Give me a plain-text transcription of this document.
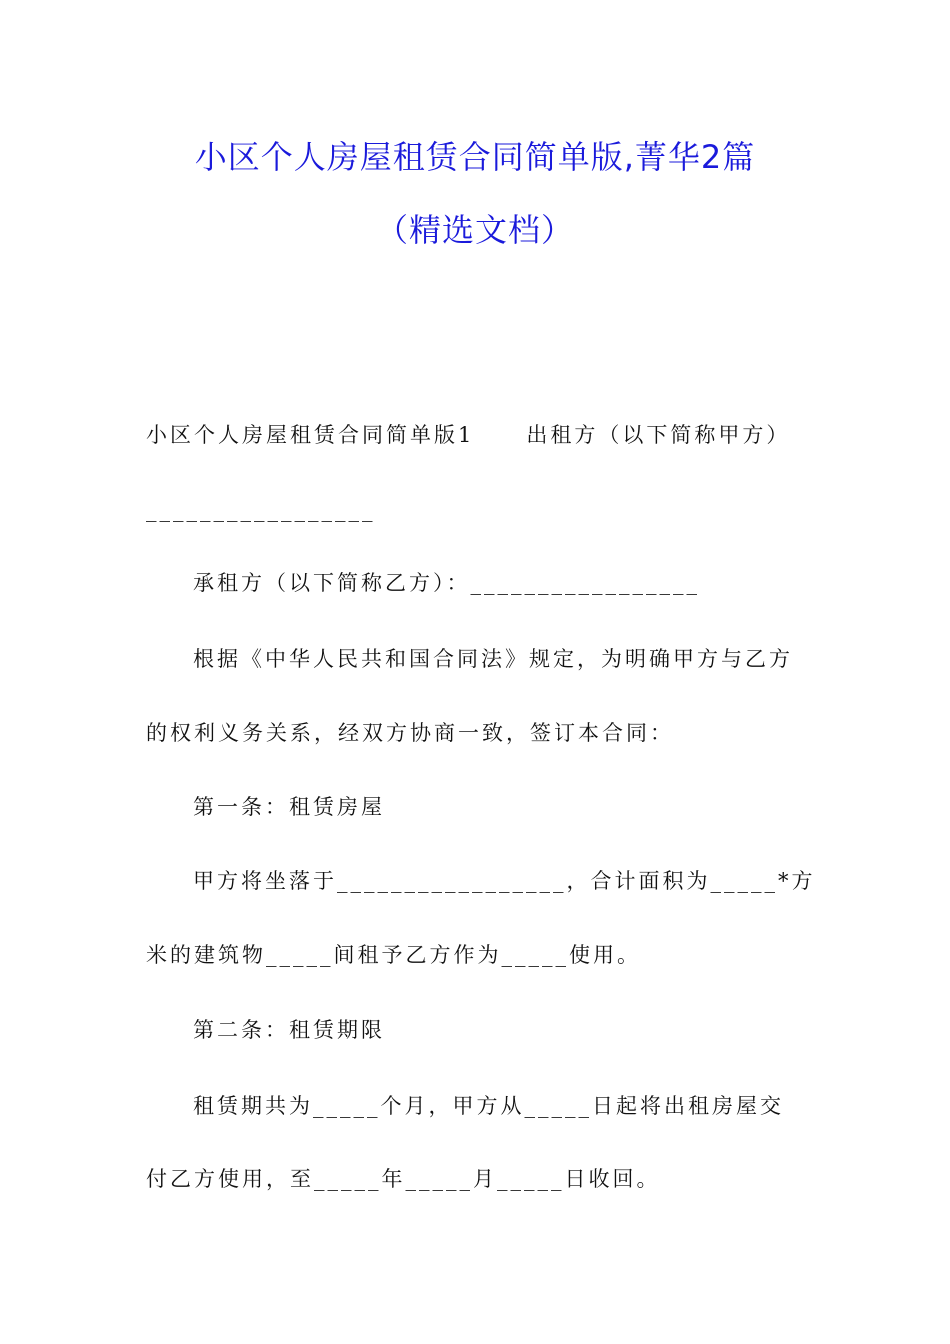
小区个人房屋租赁合同简单版,菁华2篇
（精选文档）
小区个人房屋租赁合同简单版1 出租方（以下简称甲方）
_________________
承租方（以下简称乙方）：_________________
根据《中华人民共和国合同法》规定，为明确甲方与乙方
的权利义务关系，经双方协商一致，签订本合同：
第一条：租赁房屋
甲方将坐落于_________________，合计面积为_____*方
米的建筑物_____间租予乙方作为_____使用。
第二条：租赁期限
租赁期共为_____个月，甲方从_____日起将出租房屋交
付乙方使用，至_____年_____月_____日收回。
